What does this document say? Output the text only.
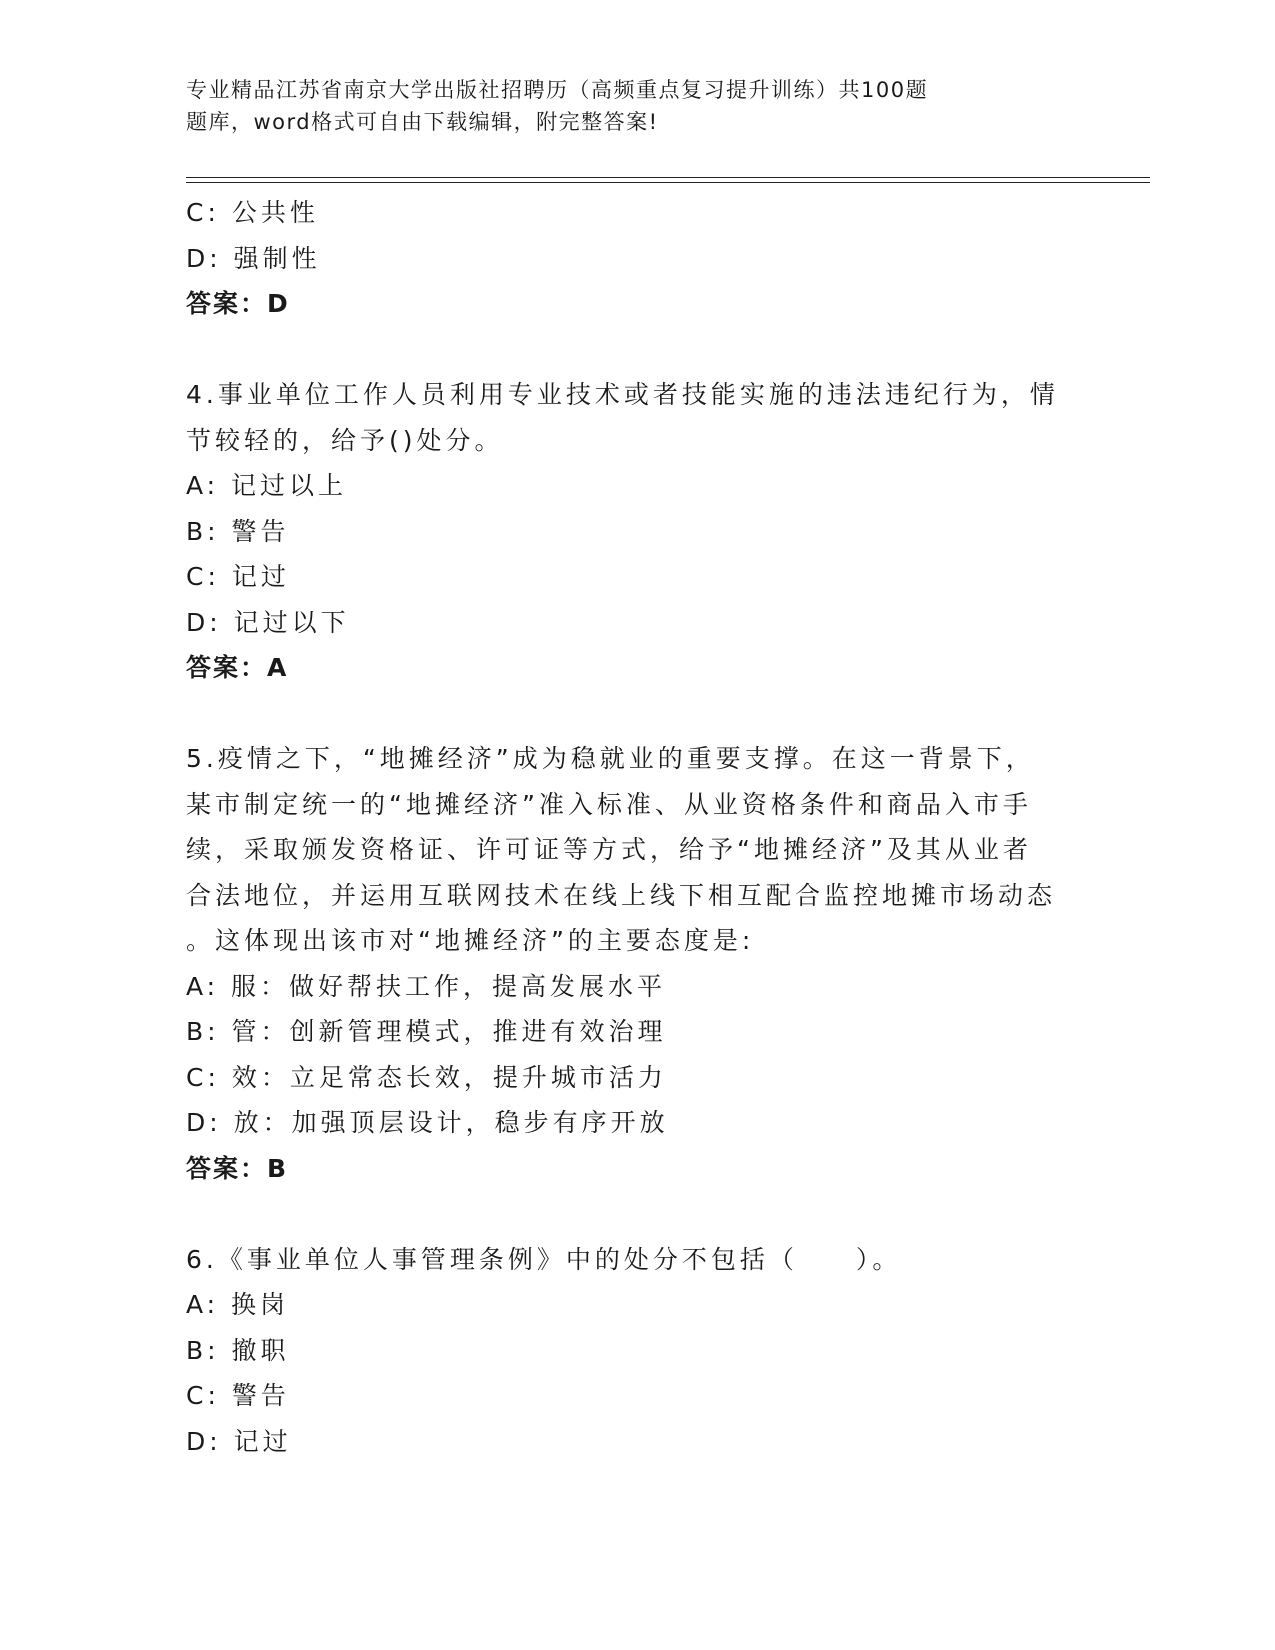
专业精品江苏省南京大学出版社招聘历（高频重点复习提升训练）共100题
题库，word格式可自由下载编辑，附完整答案!
C: 公共性
D: 强制性
答案：D
4.事业单位工作人员利用专业技术或者技能实施的违法违纪行为，情
节较轻的，给予()处分。
A: 记过以上
B: 警告
C: 记过
D: 记过以下
答案：A
5.疫情之下，“地摊经济”成为稳就业的重要支撑。在这一背景下，
某市制定统一的“地摊经济”准入标准、从业资格条件和商品入市手
续，采取颁发资格证、许可证等方式，给予“地摊经济”及其从业者
合法地位，并运用互联网技术在线上线下相互配合监控地摊市场动态
。这体现出该市对“地摊经济”的主要态度是:
A: 服：做好帮扶工作，提高发展水平
B: 管：创新管理模式，推进有效治理
C: 效：立足常态长效，提升城市活力
D: 放：加强顶层设计，稳步有序开放
答案：B
6.《事业单位人事管理条例》中的处分不包括（　　）。
A: 换岗
B: 撤职
C: 警告
D: 记过
